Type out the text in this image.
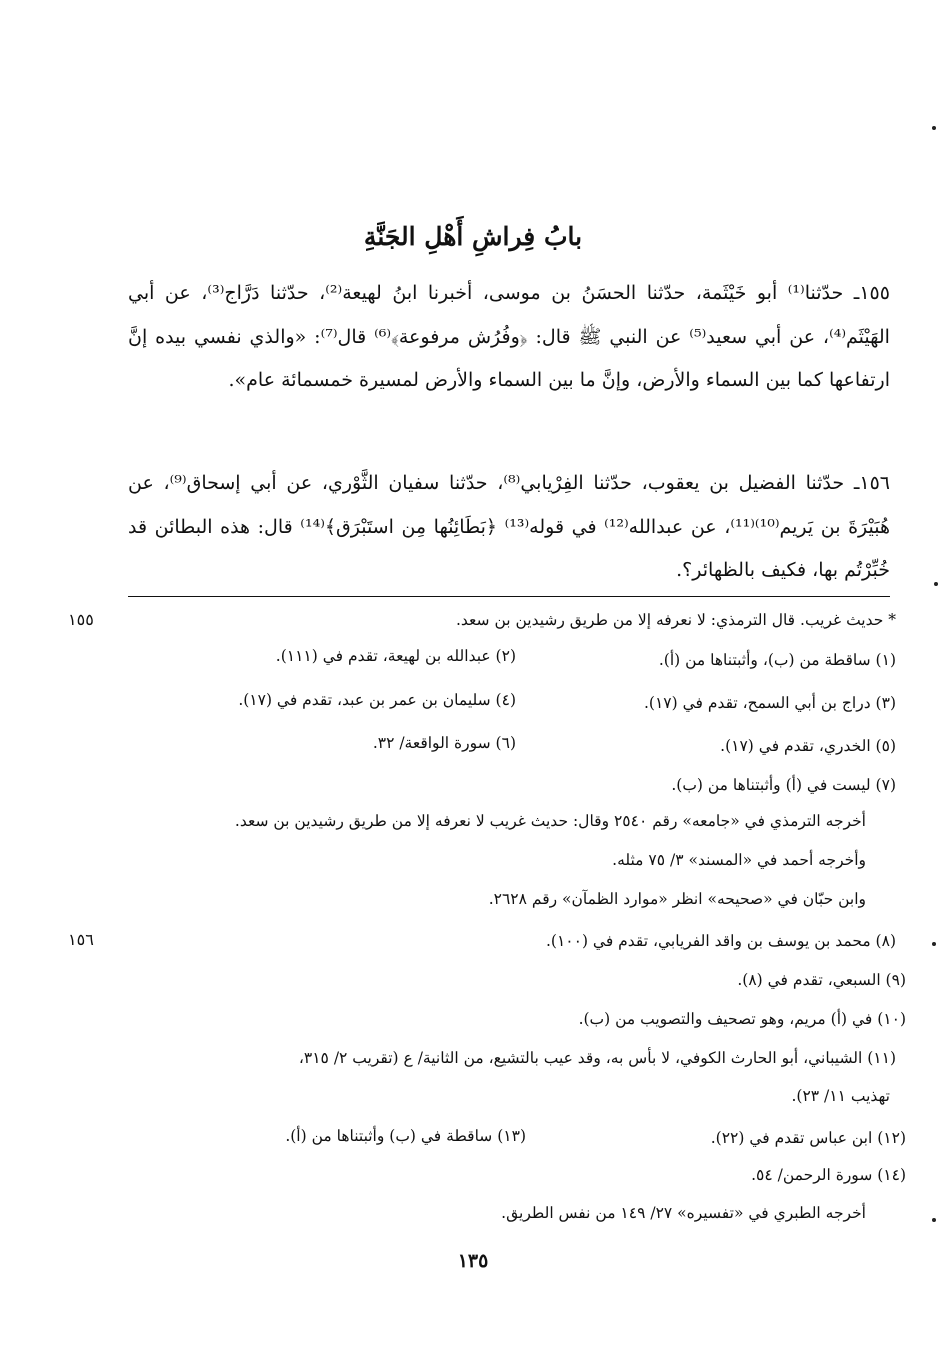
بابُ فِراشِ أَهْلِ الجَنَّةِ
١٥٥ـ حدّثنا⁽¹⁾ أبو خَيْثَمة، حدّثنا الحسَنُ بن موسى، أخبرنا ابنُ لهيعة⁽²⁾، حدّثنا دَرَّاج⁽³⁾، عن أبي الهَيْثَم⁽⁴⁾، عن أبي سعيد⁽⁵⁾ عن النبي ﷺ قال: ﴿وفُرُش مرفوعة﴾⁽⁶⁾ قال⁽⁷⁾: «والذي نفسي بيده إنَّ ارتفاعها كما بين السماء والأرض، وإنَّ ما بين السماء والأرض لمسيرة خمسمائة عام».
١٥٦ـ حدّثنا الفضيل بن يعقوب، حدّثنا الفِرْيابي⁽⁸⁾، حدّثنا سفيان الثَّوْري، عن أبي إسحاق⁽⁹⁾، عن هُبَيْرَةَ بن يَريم⁽¹⁰⁾⁽¹¹⁾، عن عبدالله⁽¹²⁾ في قوله⁽¹³⁾ ﴿بَطَائِنُها مِن استَبْرَق﴾⁽¹⁴⁾ قال: هذه البطائن قد خُبِّرْتُم بها، فكيف بالظهائر؟.
١٥٥
١٥٦
* حديث غريب. قال الترمذي: لا نعرفه إلا من طريق رشيدين بن سعد.
(١) ساقطة من (ب)، وأثبتناها من (أ).
(٢) عبدالله بن لهيعة، تقدم في (١١١).
(٣) دراج بن أبي السمح، تقدم في (١٧).
(٤) سليمان بن عمر بن عبد، تقدم في (١٧).
(٥) الخدري، تقدم في (١٧).
(٦) سورة الواقعة/ ٣٢.
(٧) ليست في (أ) وأثبتناها من (ب).
أخرجه الترمذي في «جامعه» رقم ٢٥٤٠ وقال: حديث غريب لا نعرفه إلا من طريق رشيدين بن سعد.
وأخرجه أحمد في «المسند» ٣/ ٧٥ مثله.
وابن حبّان في «صحيحه» انظر «موارد الظمآن» رقم ٢٦٢٨.
(٨) محمد بن يوسف بن واقد الفريابي، تقدم في (١٠٠).
(٩) السبعي، تقدم في (٨).
(١٠) في (أ) مريم، وهو تصحيف والتصويب من (ب).
(١١) الشيباني، أبو الحارث الكوفي، لا بأس به، وقد عيب بالتشيع، من الثانية/ ع (تقريب ٢/ ٣١٥،
تهذيب ١١/ ٢٣).
(١٢) ابن عباس تقدم في (٢٢).
(١٣) ساقطة في (ب) وأثبتناها من (أ).
(١٤) سورة الرحمن/ ٥٤.
أخرجه الطبري في «تفسيره» ٢٧/ ١٤٩ من نفس الطريق.
١٣٥
